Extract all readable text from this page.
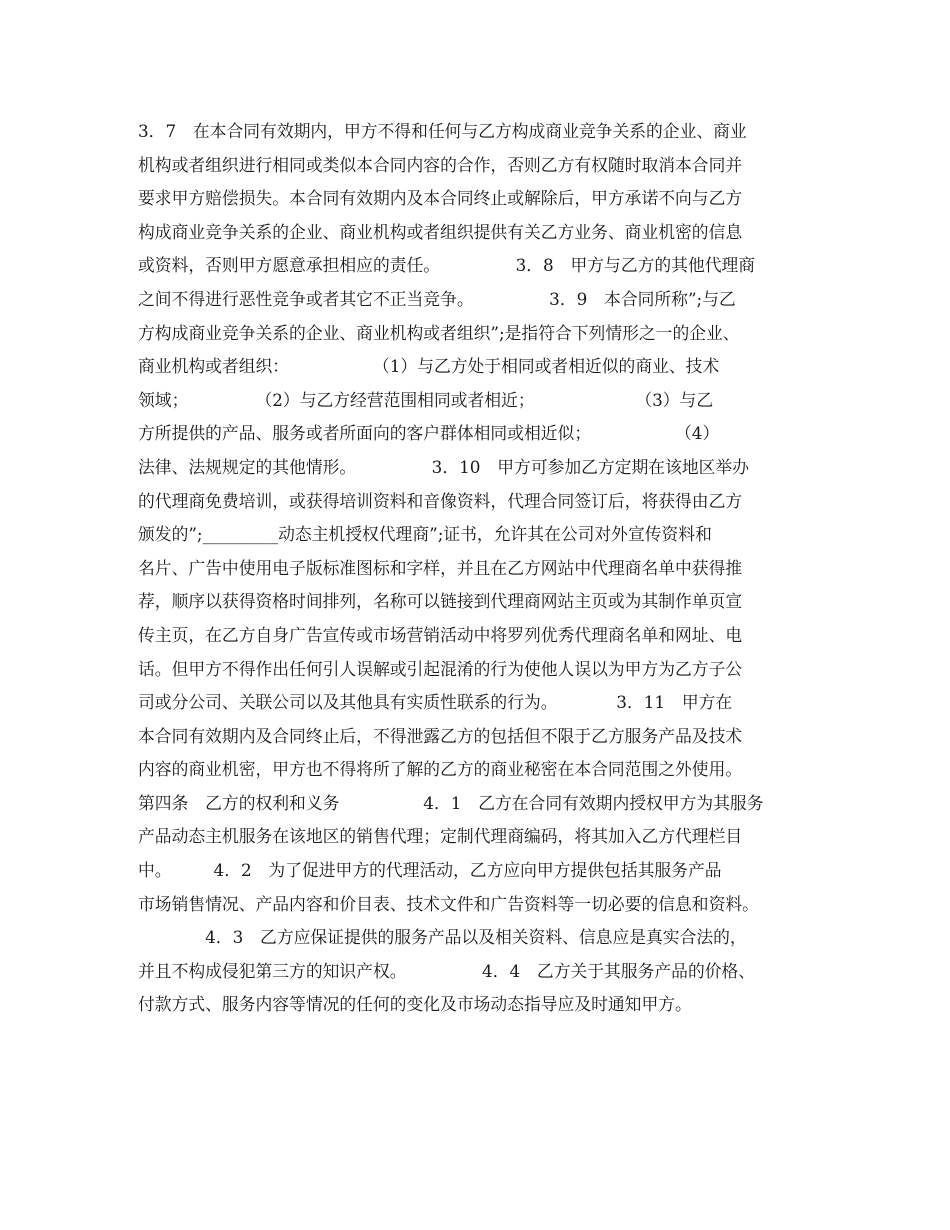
3．7　在本合同有效期内，甲方不得和任何与乙方构成商业竞争关系的企业、商业
机构或者组织进行相同或类似本合同内容的合作，否则乙方有权随时取消本合同并
要求甲方赔偿损失。本合同有效期内及本合同终止或解除后，甲方承诺不向与乙方
构成商业竞争关系的企业、商业机构或者组织提供有关乙方业务、商业机密的信息
或资料，否则甲方愿意承担相应的责任。　　　　　3．8　甲方与乙方的其他代理商
之间不得进行恶性竞争或者其它不正当竞争。　　　　　3．9　本合同所称”;与乙
方构成商业竞争关系的企业、商业机构或者组织”;是指符合下列情形之一的企业、
商业机构或者组织：　　　　　　（1）与乙方处于相同或者相近似的商业、技术
领域；　　　　　（2）与乙方经营范围相同或者相近；　　　　　　　（3）与乙
方所提供的产品、服务或者所面向的客户群体相同或相近似；　　　　　　（4）
法律、法规规定的其他情形。　　　　　3．10　甲方可参加乙方定期在该地区举办
的代理商免费培训，或获得培训资料和音像资料，代理合同签订后，将获得由乙方
颁发的”;_________动态主机授权代理商”;证书，允许其在公司对外宣传资料和
名片、广告中使用电子版标准图标和字样，并且在乙方网站中代理商名单中获得推
荐，顺序以获得资格时间排列，名称可以链接到代理商网站主页或为其制作单页宣
传主页，在乙方自身广告宣传或市场营销活动中将罗列优秀代理商名单和网址、电
话。但甲方不得作出任何引人误解或引起混淆的行为使他人误以为甲方为乙方子公
司或分公司、关联公司以及其他具有实质性联系的行为。　　　　3．11　甲方在
本合同有效期内及合同终止后，不得泄露乙方的包括但不限于乙方服务产品及技术
内容的商业机密，甲方也不得将所了解的乙方的商业秘密在本合同范围之外使用。
第四条　乙方的权利和义务　　　　　4．1　乙方在合同有效期内授权甲方为其服务
产品动态主机服务在该地区的销售代理；定制代理商编码，将其加入乙方代理栏目
中。　　　4．2　为了促进甲方的代理活动，乙方应向甲方提供包括其服务产品
市场销售情况、产品内容和价目表、技术文件和广告资料等一切必要的信息和资料。
　　　　4．3　乙方应保证提供的服务产品以及相关资料、信息应是真实合法的，
并且不构成侵犯第三方的知识产权。　　　　　4．4　乙方关于其服务产品的价格、
付款方式、服务内容等情况的任何的变化及市场动态指导应及时通知甲方。
